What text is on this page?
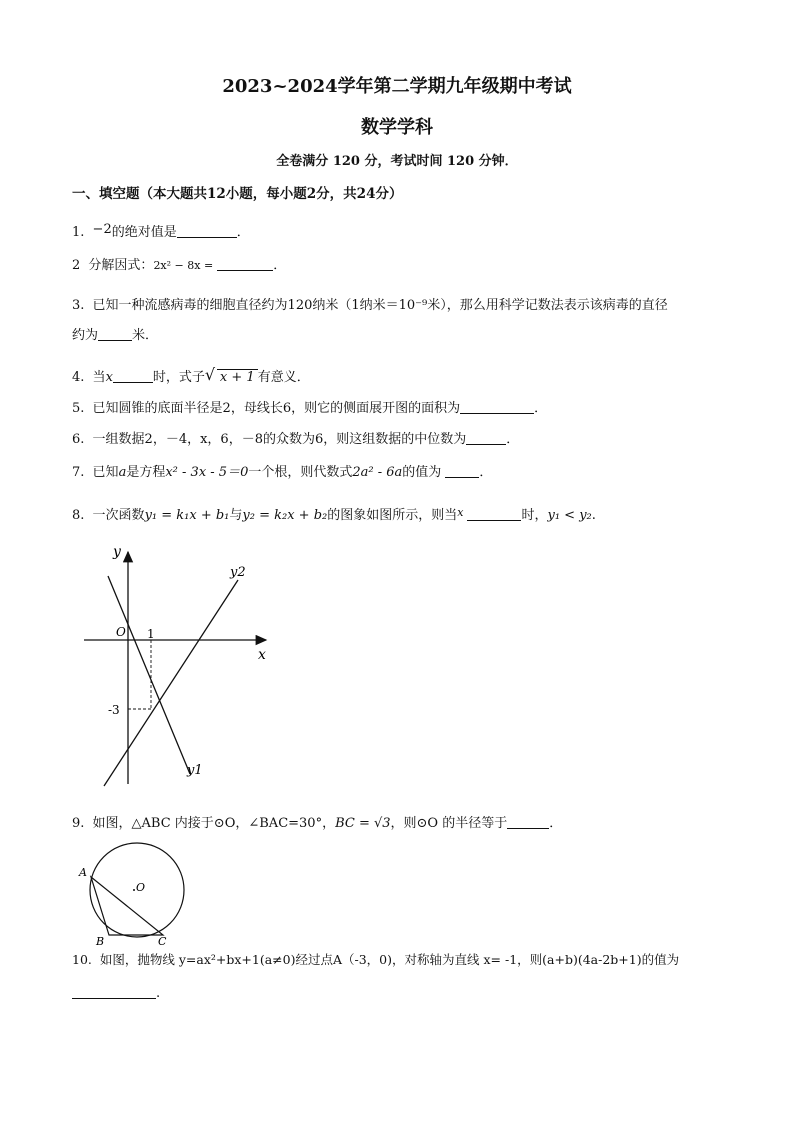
2023~2024学年第二学期九年级期中考试
数学学科
全卷满分 120 分，考试时间 120 分钟．
一、填空题（本大题共12小题，每小题2分，共24分）
1. −2的绝对值是	．
2 分解因式：2x² − 8x =	．
3. 已知一种流感病毒的细胞直径约为120纳米（1纳米＝10⁻⁹米），那么用科学记数法表示该病毒的直径
约为	米．
4. 当x	时，式子 √ x + 1 有意义．
5. 已知圆锥的底面半径是2，母线长6，则它的侧面展开图的面积为	．
6. 一组数据2，－4，x，6，－8的众数为6，则这组数据的中位数为	．
7. 已知a是方程x² - 3x - 5＝0一个根，则代数式2a² - 6a的值为	．
8. 一次函数y₁ = k₁x + b₁与y₂ = k₂x + b₂的图象如图所示，则当$^x$	时，y₁ < y₂.
y
x
O 1
-3
y1
y2
9. 如图，△ABC 内接于⊙O，∠BAC=30°，BC = √3，则⊙O 的半径等于	．
A
B	C
O
10. 如图，抛物线 y=ax²+bx+1(a≠0)经过点A（-3，0)，对称轴为直线 x= -1，则(a+b)(4a-2b+1)的值为
.
